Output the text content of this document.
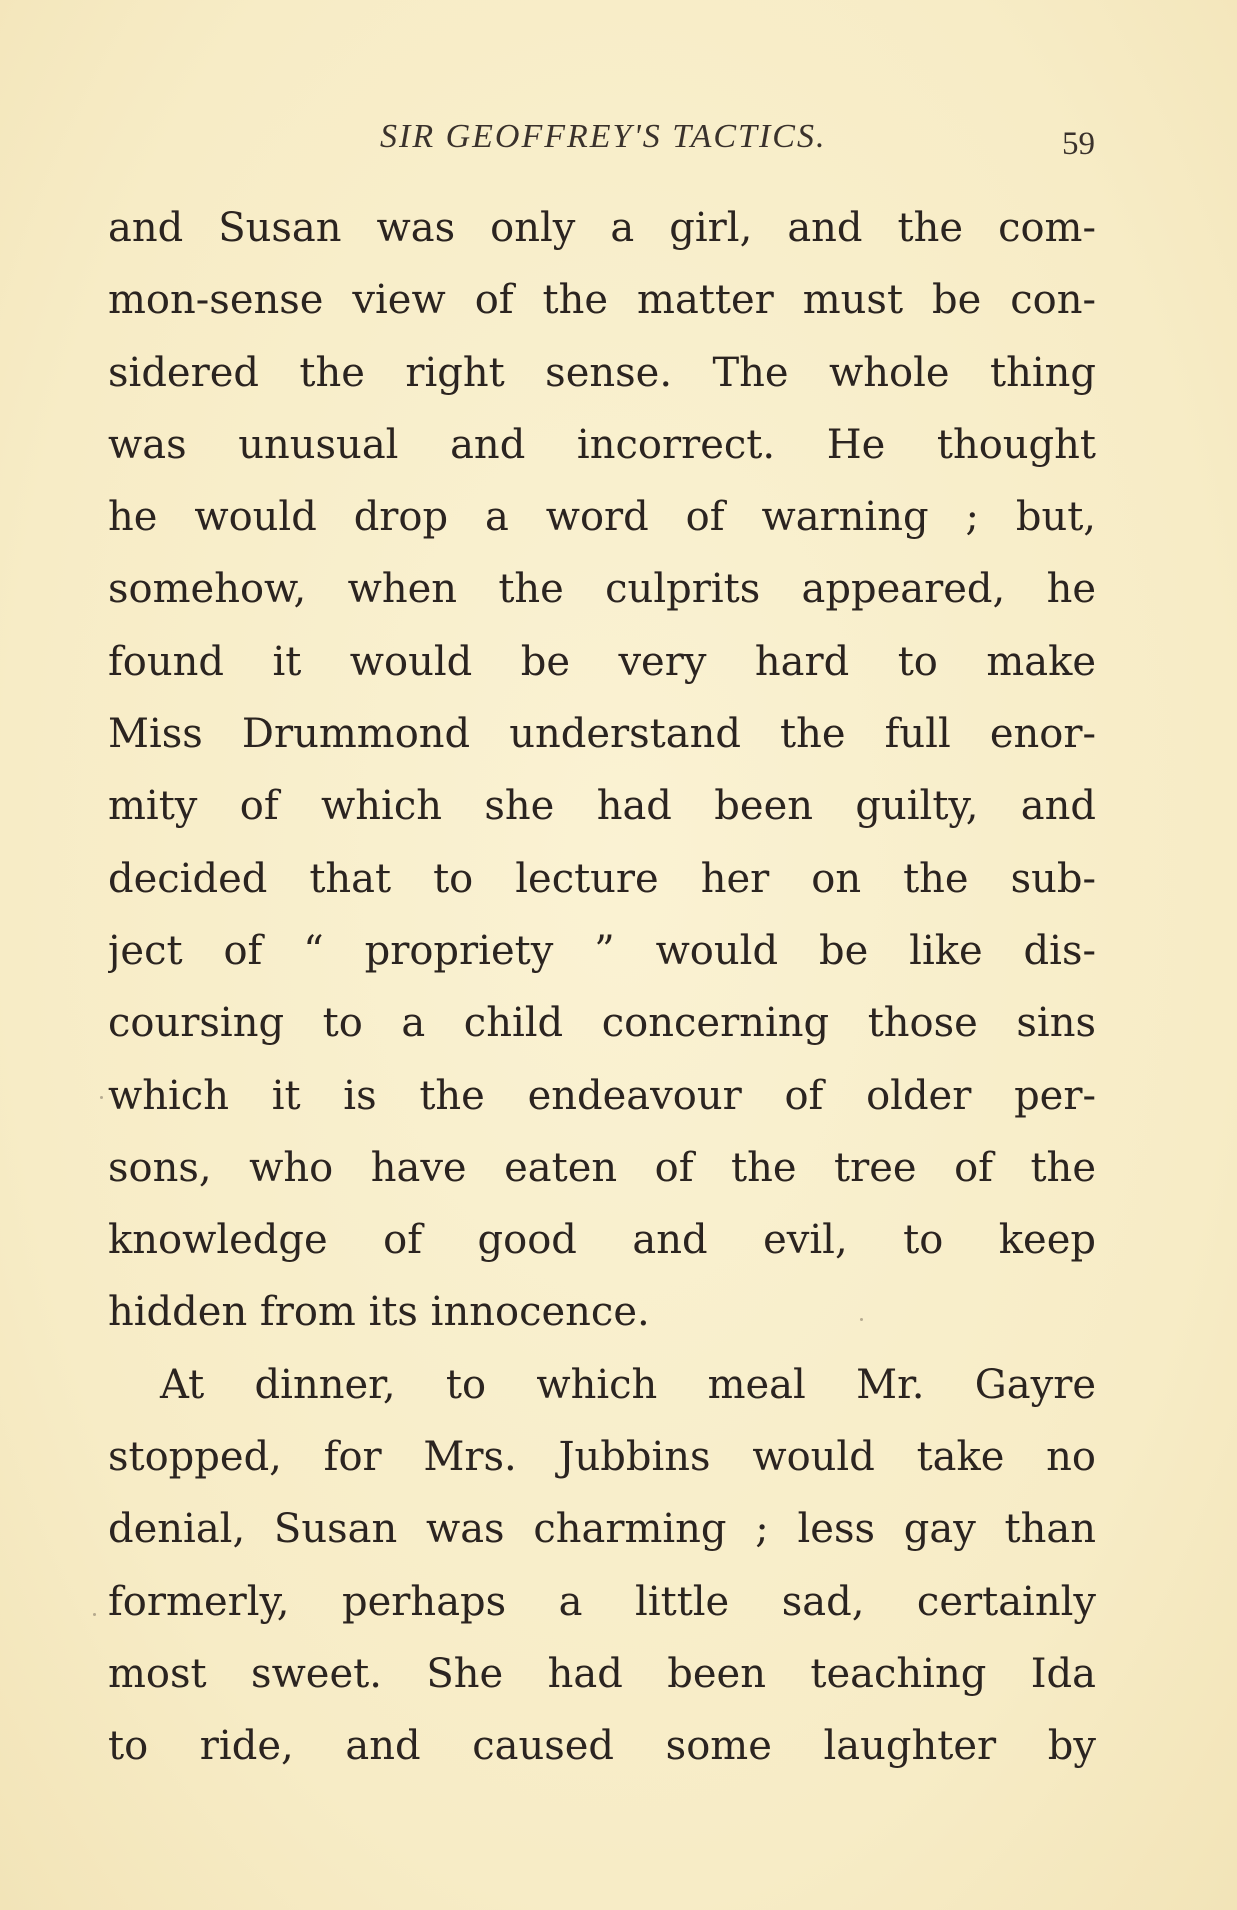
SIR GEOFFREY'S TACTICS.	59
and Susan was only a girl, and the com-
mon-sense view of the matter must be con-
sidered the right sense. The whole thing
was unusual and incorrect. He thought
he would drop a word of warning ; but,
somehow, when the culprits appeared, he
found it would be very hard to make
Miss Drummond understand the full enor-
mity of which she had been guilty, and
decided that to lecture her on the sub-
ject of “ propriety ” would be like dis-
coursing to a child concerning those sins
which it is the endeavour of older per-
sons, who have eaten of the tree of the
knowledge of good and evil, to keep
hidden from its innocence.
At dinner, to which meal Mr. Gayre
stopped, for Mrs. Jubbins would take no
denial, Susan was charming ; less gay than
formerly, perhaps a little sad, certainly
most sweet. She had been teaching Ida
to ride, and caused some laughter by
